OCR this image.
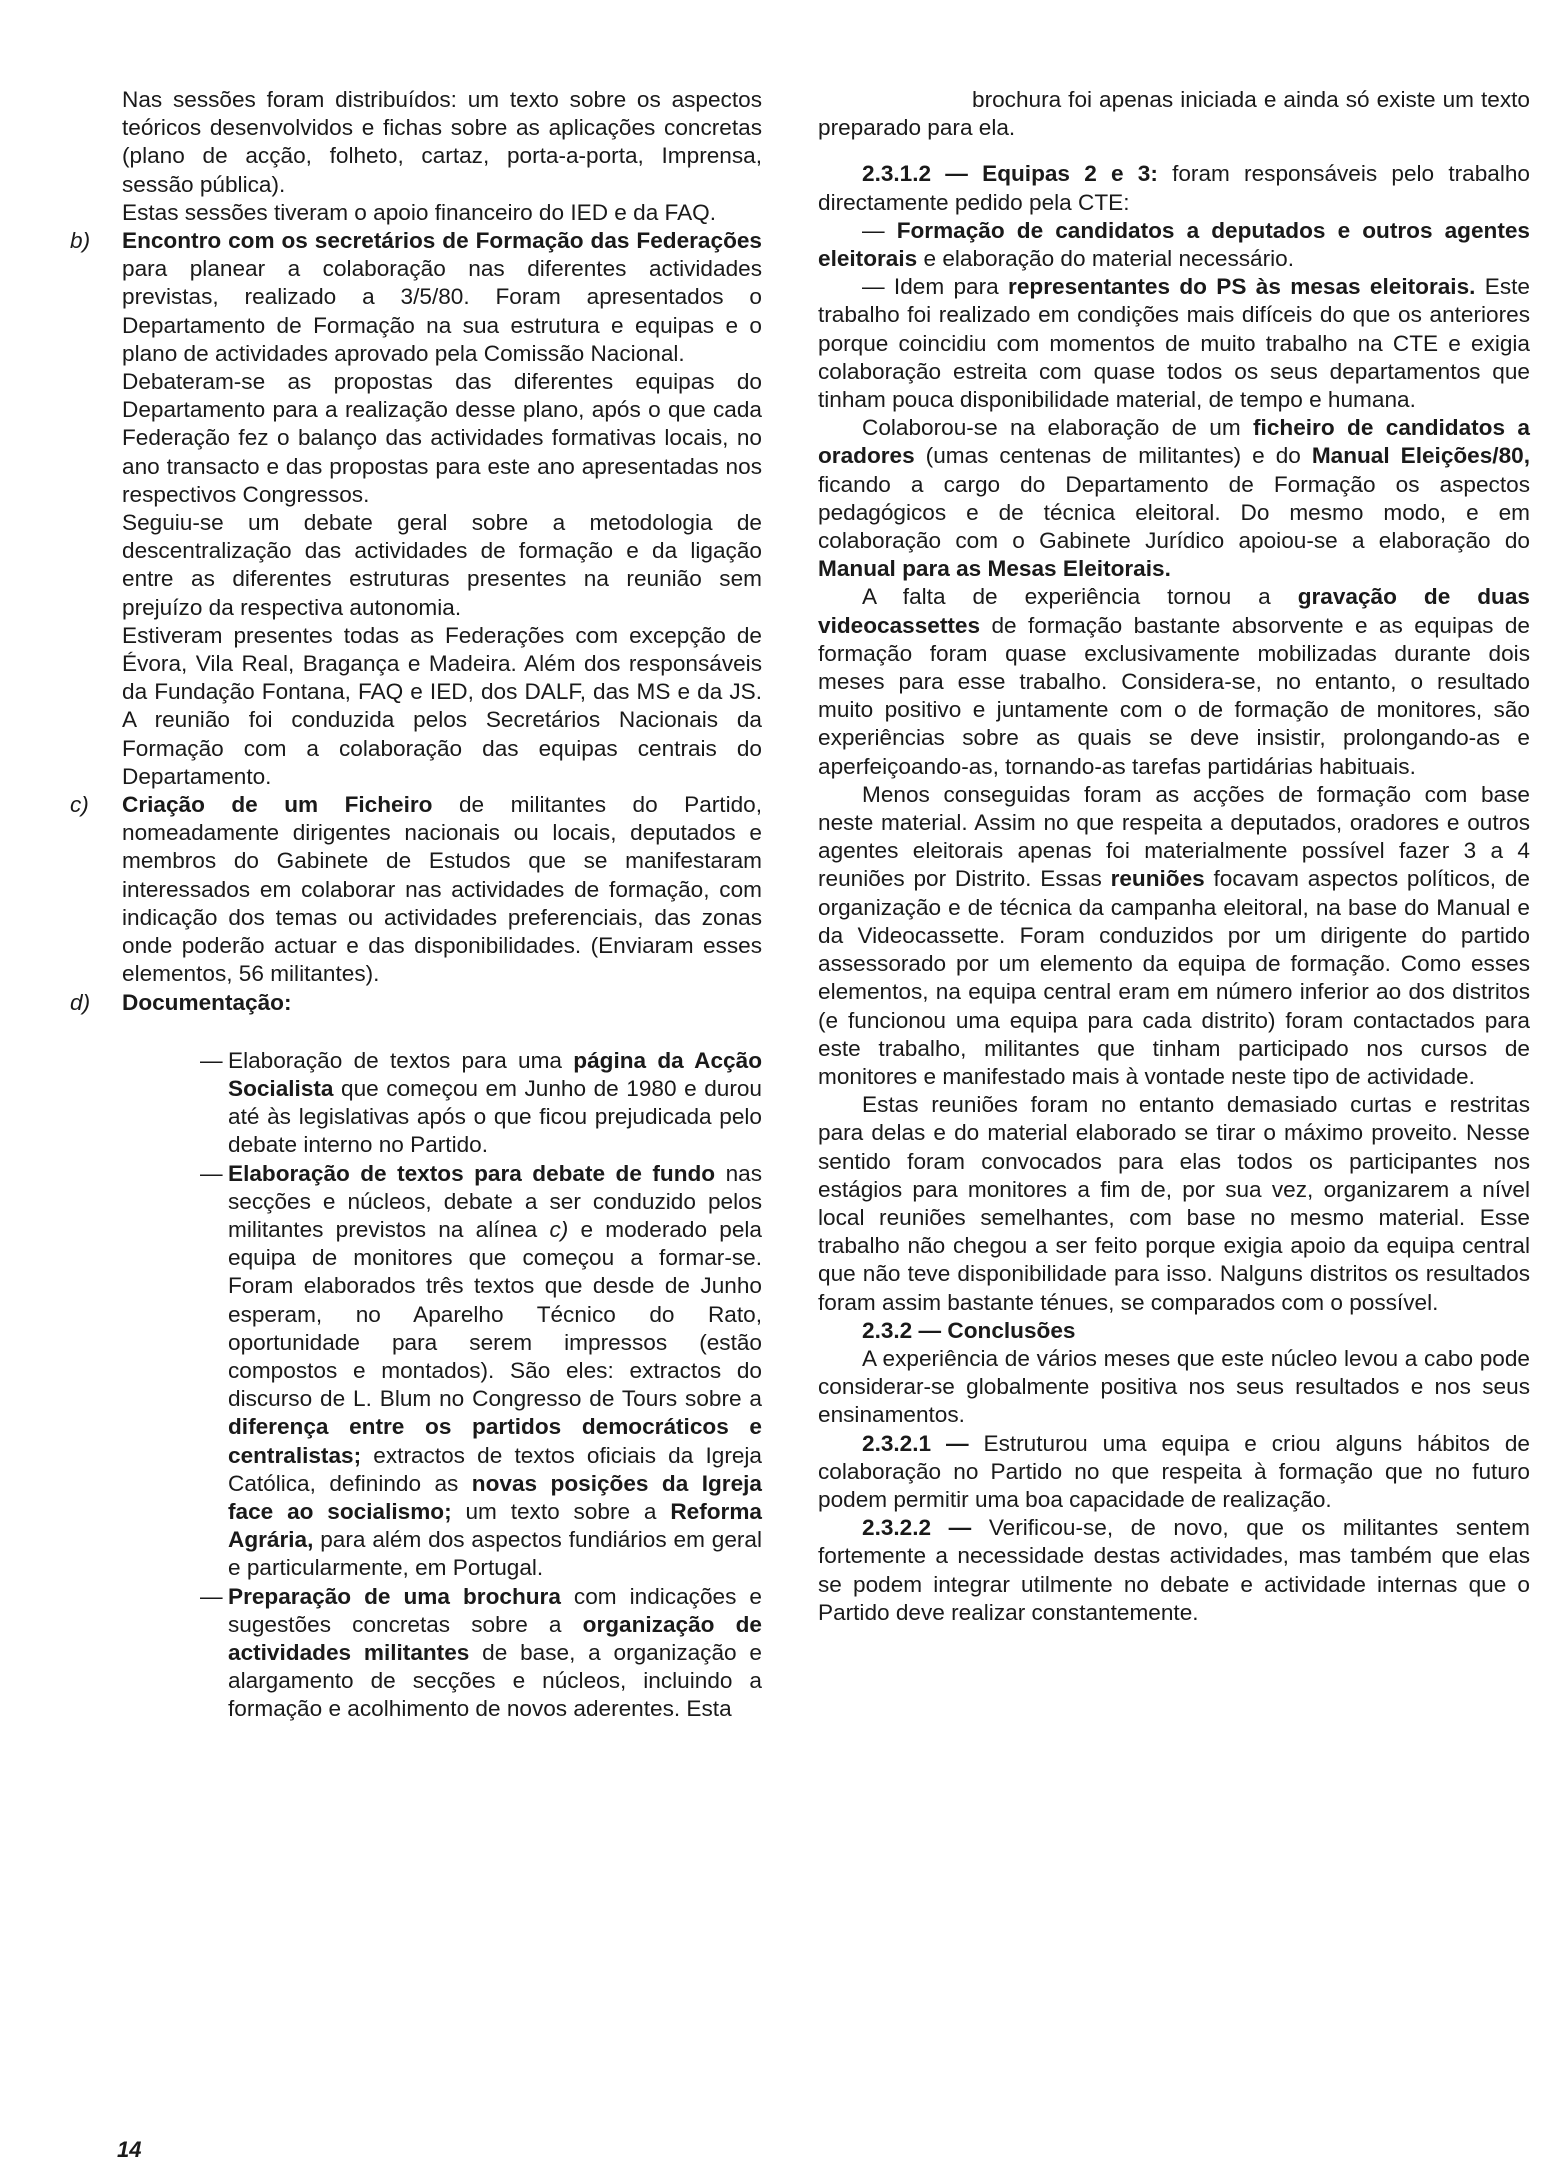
Nas sessões foram distribuídos: um texto sobre os aspectos teóricos desenvolvidos e fichas sobre as aplicações concretas (plano de acção, folheto, cartaz, porta-a-porta, Imprensa, sessão pública).

Estas sessões tiveram o apoio financeiro do IED e da FAQ.

b) Encontro com os secretários de Formação das Federações para planear a colaboração nas diferentes actividades previstas, realizado a 3/5/80. Foram apresentados o Departamento de Formação na sua estrutura e equipas e o plano de actividades aprovado pela Comissão Nacional.

Debateram-se as propostas das diferentes equipas do Departamento para a realização desse plano, após o que cada Federação fez o balanço das actividades formativas locais, no ano transacto e das propostas para este ano apresentadas nos respectivos Congressos.

Seguiu-se um debate geral sobre a metodologia de descentralização das actividades de formação e da ligação entre as diferentes estruturas presentes na reunião sem prejuízo da respectiva autonomia.

Estiveram presentes todas as Federações com excepção de Évora, Vila Real, Bragança e Madeira. Além dos responsáveis da Fundação Fontana, FAQ e IED, dos DALF, das MS e da JS. A reunião foi conduzida pelos Secretários Nacionais da Formação com a colaboração das equipas centrais do Departamento.

c) Criação de um Ficheiro de militantes do Partido, nomeadamente dirigentes nacionais ou locais, deputados e membros do Gabinete de Estudos que se manifestaram interessados em colaborar nas actividades de formação, com indicação dos temas ou actividades preferenciais, das zonas onde poderão actuar e das disponibilidades. (Enviaram esses elementos, 56 militantes).

d) Documentação:

— Elaboração de textos para uma página da Acção Socialista que começou em Junho de 1980 e durou até às legislativas após o que ficou prejudicada pelo debate interno no Partido.

— Elaboração de textos para debate de fundo nas secções e núcleos, debate a ser conduzido pelos militantes previstos na alínea c) e moderado pela equipa de monitores que começou a formar-se. Foram elaborados três textos que desde de Junho esperam, no Aparelho Técnico do Rato, oportunidade para serem impressos (estão compostos e montados). São eles: extractos do discurso de L. Blum no Congresso de Tours sobre a diferença entre os partidos democráticos e centralistas; extractos de textos oficiais da Igreja Católica, definindo as novas posições da Igreja face ao socialismo; um texto sobre a Reforma Agrária, para além dos aspectos fundiários em geral e particularmente, em Portugal.

— Preparação de uma brochura com indicações e sugestões concretas sobre a organização de actividades militantes de base, a organização e alargamento de secções e núcleos, incluindo a formação e acolhimento de novos aderentes. Esta

brochura foi apenas iniciada e ainda só existe um texto preparado para ela.

2.3.1.2 — Equipas 2 e 3: foram responsáveis pelo trabalho directamente pedido pela CTE:

— Formação de candidatos a deputados e outros agentes eleitorais e elaboração do material necessário.

— Idem para representantes do PS às mesas eleitorais. Este trabalho foi realizado em condições mais difíceis do que os anteriores porque coincidiu com momentos de muito trabalho na CTE e exigia colaboração estreita com quase todos os seus departamentos que tinham pouca disponibilidade material, de tempo e humana.

Colaborou-se na elaboração de um ficheiro de candidatos a oradores (umas centenas de militantes) e do Manual Eleições/80, ficando a cargo do Departamento de Formação os aspectos pedagógicos e de técnica eleitoral. Do mesmo modo, e em colaboração com o Gabinete Jurídico apoiou-se a elaboração do Manual para as Mesas Eleitorais.

A falta de experiência tornou a gravação de duas videocassettes de formação bastante absorvente e as equipas de formação foram quase exclusivamente mobilizadas durante dois meses para esse trabalho. Considera-se, no entanto, o resultado muito positivo e juntamente com o de formação de monitores, são experiências sobre as quais se deve insistir, prolongando-as e aperfeiçoando-as, tornando-as tarefas partidárias habituais.

Menos conseguidas foram as acções de formação com base neste material. Assim no que respeita a deputados, oradores e outros agentes eleitorais apenas foi materialmente possível fazer 3 a 4 reuniões por Distrito. Essas reuniões focavam aspectos políticos, de organização e de técnica da campanha eleitoral, na base do Manual e da Videocassette. Foram conduzidos por um dirigente do partido assessorado por um elemento da equipa de formação. Como esses elementos, na equipa central eram em número inferior ao dos distritos (e funcionou uma equipa para cada distrito) foram contactados para este trabalho, militantes que tinham participado nos cursos de monitores e manifestado mais à vontade neste tipo de actividade.

Estas reuniões foram no entanto demasiado curtas e restritas para delas e do material elaborado se tirar o máximo proveito. Nesse sentido foram convocados para elas todos os participantes nos estágios para monitores a fim de, por sua vez, organizarem a nível local reuniões semelhantes, com base no mesmo material. Esse trabalho não chegou a ser feito porque exigia apoio da equipa central que não teve disponibilidade para isso. Nalguns distritos os resultados foram assim bastante ténues, se comparados com o possível.

2.3.2 — Conclusões

A experiência de vários meses que este núcleo levou a cabo pode considerar-se globalmente positiva nos seus resultados e nos seus ensinamentos.

2.3.2.1 — Estruturou uma equipa e criou alguns hábitos de colaboração no Partido no que respeita à formação que no futuro podem permitir uma boa capacidade de realização.

2.3.2.2 — Verificou-se, de novo, que os militantes sentem fortemente a necessidade destas actividades, mas também que elas se podem integrar utilmente no debate e actividade internas que o Partido deve realizar constantemente.

14
